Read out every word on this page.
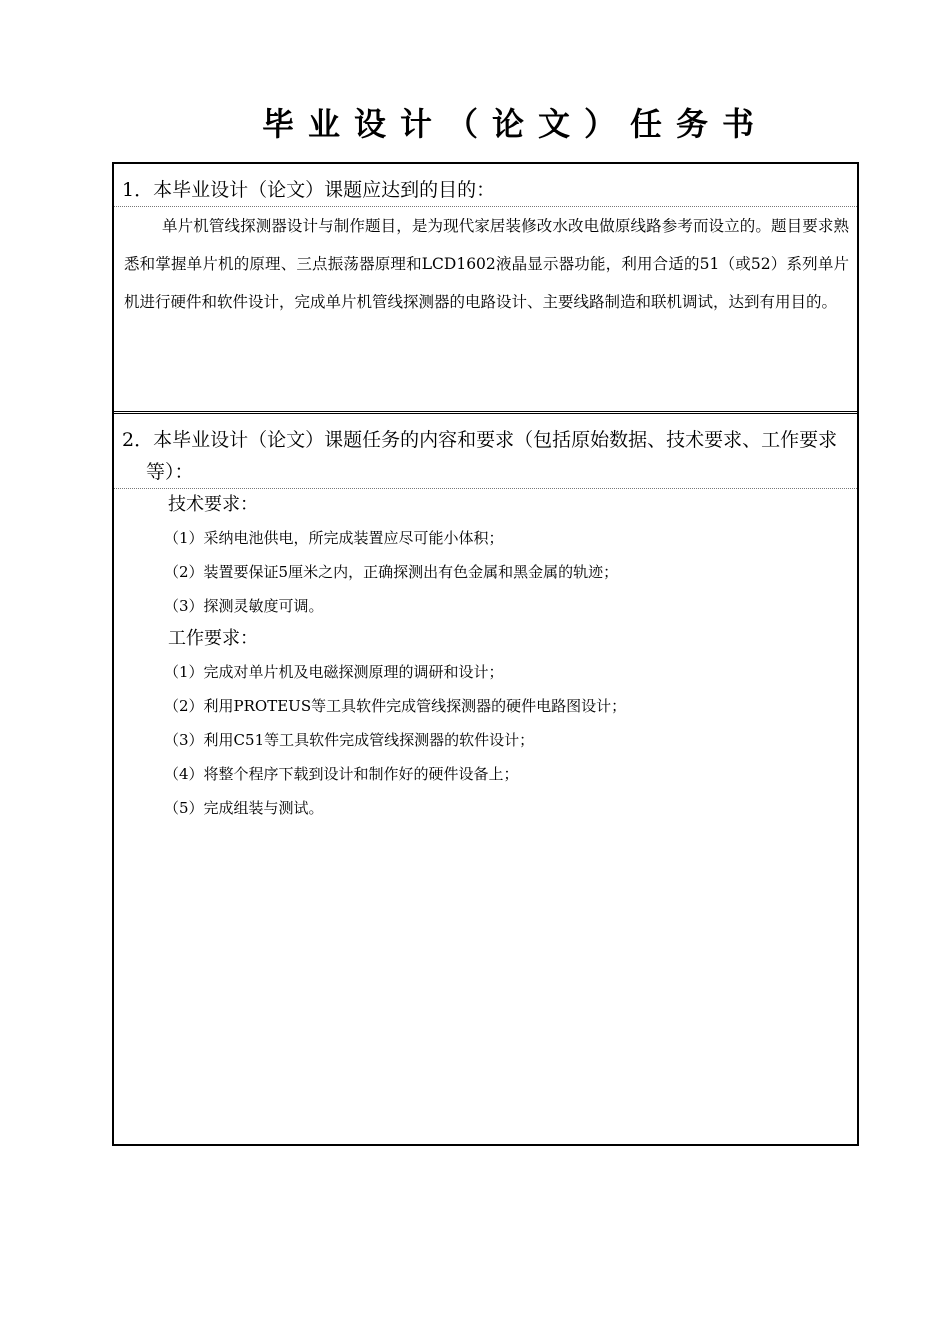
毕业设计（论文）任务书

1．本毕业设计（论文）课题应达到的目的：

单片机管线探测器设计与制作题目，是为现代家居装修改水改电做原线路参考而设立的。题目要求熟悉和掌握单片机的原理、三点振荡器原理和LCD1602液晶显示器功能，利用合适的51（或52）系列单片机进行硬件和软件设计，完成单片机管线探测器的电路设计、主要线路制造和联机调试，达到有用目的。

2．本毕业设计（论文）课题任务的内容和要求（包括原始数据、技术要求、工作要求等）：

技术要求：

（1）采纳电池供电，所完成装置应尽可能小体积；
（2）装置要保证5厘米之内，正确探测出有色金属和黑金属的轨迹；
（3）探测灵敏度可调。

工作要求：

（1）完成对单片机及电磁探测原理的调研和设计；
（2）利用PROTEUS等工具软件完成管线探测器的硬件电路图设计；
（3）利用C51等工具软件完成管线探测器的软件设计；
（4）将整个程序下载到设计和制作好的硬件设备上；
（5）完成组装与测试。
